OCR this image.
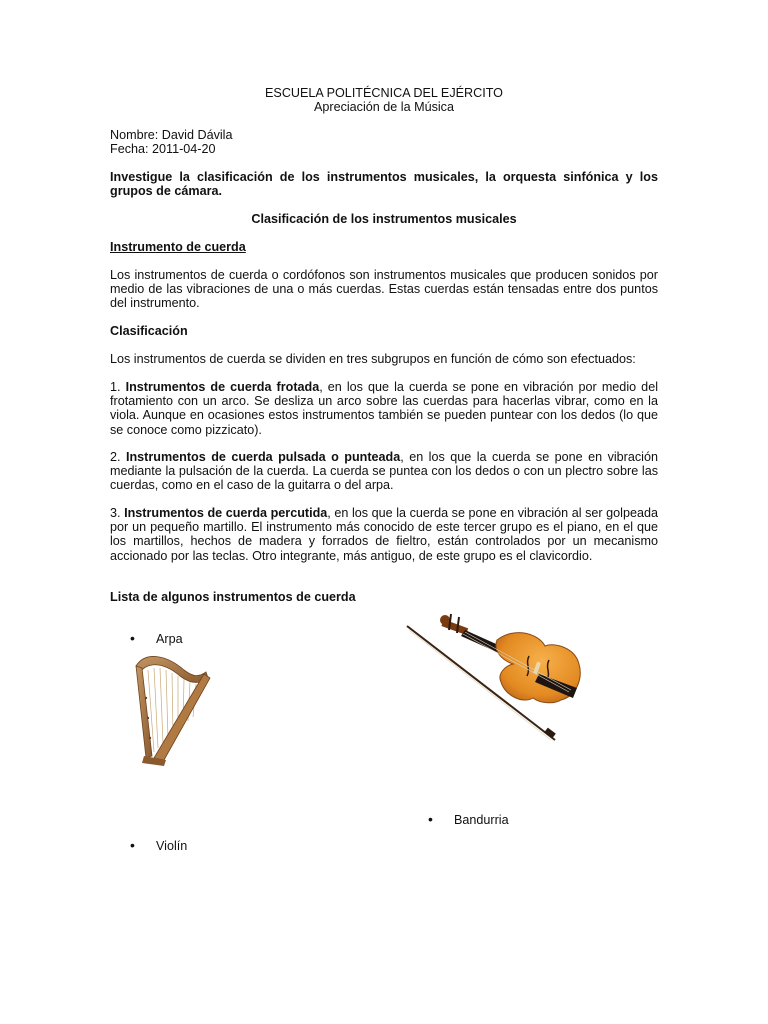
ESCUELA POLITÉCNICA DEL EJÉRCITO

Apreciación de la Música

Nombre: David Dávila

Fecha: 2011-04-20

Investigue la clasificación de los instrumentos musicales, la orquesta sinfónica y los grupos de cámara.

Clasificación de los instrumentos musicales

Instrumento de cuerda

Los instrumentos de cuerda o cordófonos son instrumentos musicales que producen sonidos por medio de las vibraciones de una o más cuerdas. Estas cuerdas están tensadas entre dos puntos del instrumento.

Clasificación

Los instrumentos de cuerda se dividen en tres subgrupos en función de cómo son efectuados:

1. Instrumentos de cuerda frotada, en los que la cuerda se pone en vibración por medio del frotamiento con un arco. Se desliza un arco sobre las cuerdas para hacerlas vibrar, como en la viola. Aunque en ocasiones estos instrumentos también se pueden puntear con los dedos (lo que se conoce como pizzicato).

2. Instrumentos de cuerda pulsada o punteada, en los que la cuerda se pone en vibración mediante la pulsación de la cuerda. La cuerda se puntea con los dedos o con un plectro sobre las cuerdas, como en el caso de la guitarra o del arpa.

3. Instrumentos de cuerda percutida, en los que la cuerda se pone en vibración al ser golpeada por un pequeño martillo. El instrumento más conocido de este tercer grupo es el piano, en el que los martillos, hechos de madera y forrados de fieltro, están controlados por un mecanismo accionado por las teclas. Otro integrante, más antiguo, de este grupo es el clavicordio.

Lista de algunos instrumentos de cuerda

• Arpa

• Bandurria

• Violín
